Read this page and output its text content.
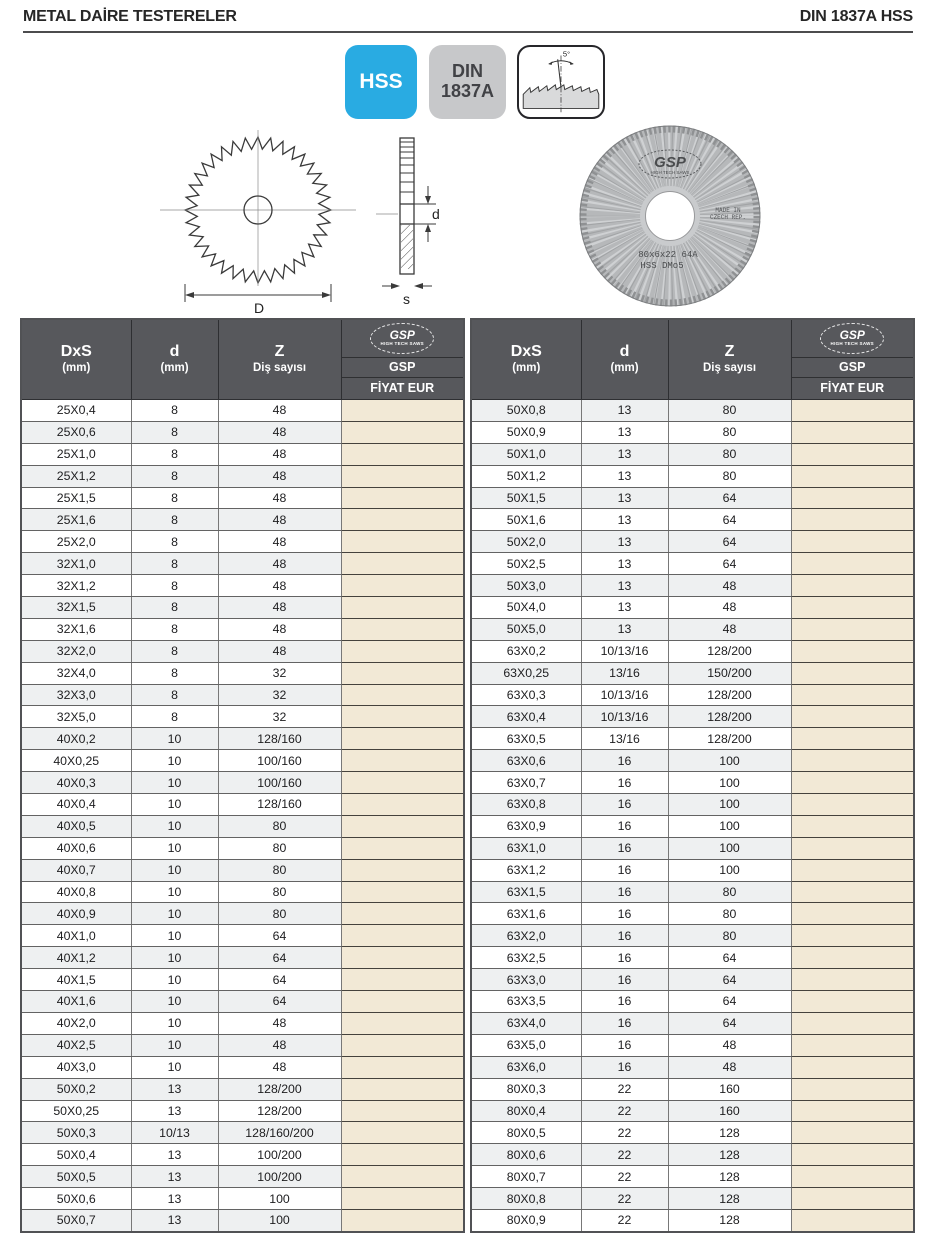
METAL DAİRE TESTERELER	DIN 1837A HSS
HSS	DIN
1837A
5°
D
d
s
GSP
HIGH TECH SAWS
MADE IN
CZECH REP.
80x6x22 64A
HSS DMo5
DxS
(mm)

d
(mm)

Z
Diş sayısı

GSP
HIGH TECH SAWS
GSP
FİYAT EUR

25X0,4	8	48	
25X0,6	8	48	
25X1,0	8	48	
25X1,2	8	48	
25X1,5	8	48	
25X1,6	8	48	
25X2,0	8	48	
32X1,0	8	48	
32X1,2	8	48	
32X1,5	8	48	
32X1,6	8	48	
32X2,0	8	48	
32X4,0	8	32	
32X3,0	8	32	
32X5,0	8	32	
40X0,2	10	128/160	
40X0,25	10	100/160	
40X0,3	10	100/160	
40X0,4	10	128/160	
40X0,5	10	80	
40X0,6	10	80	
40X0,7	10	80	
40X0,8	10	80	
40X0,9	10	80	
40X1,0	10	64	
40X1,2	10	64	
40X1,5	10	64	
40X1,6	10	64	
40X2,0	10	48	
40X2,5	10	48	
40X3,0	10	48	
50X0,2	13	128/200	
50X0,25	13	128/200	
50X0,3	10/13	128/160/200	
50X0,4	13	100/200	
50X0,5	13	100/200	
50X0,6	13	100	
50X0,7	13	100	
DxS
(mm)

d
(mm)

Z
Diş sayısı

GSP
HIGH TECH SAWS
GSP
FİYAT EUR

50X0,8	13	80	
50X0,9	13	80	
50X1,0	13	80	
50X1,2	13	80	
50X1,5	13	64	
50X1,6	13	64	
50X2,0	13	64	
50X2,5	13	64	
50X3,0	13	48	
50X4,0	13	48	
50X5,0	13	48	
63X0,2	10/13/16	128/200	
63X0,25	13/16	150/200	
63X0,3	10/13/16	128/200	
63X0,4	10/13/16	128/200	
63X0,5	13/16	128/200	
63X0,6	16	100	
63X0,7	16	100	
63X0,8	16	100	
63X0,9	16	100	
63X1,0	16	100	
63X1,2	16	100	
63X1,5	16	80	
63X1,6	16	80	
63X2,0	16	80	
63X2,5	16	64	
63X3,0	16	64	
63X3,5	16	64	
63X4,0	16	64	
63X5,0	16	48	
63X6,0	16	48	
80X0,3	22	160	
80X0,4	22	160	
80X0,5	22	128	
80X0,6	22	128	
80X0,7	22	128	
80X0,8	22	128	
80X0,9	22	128	
